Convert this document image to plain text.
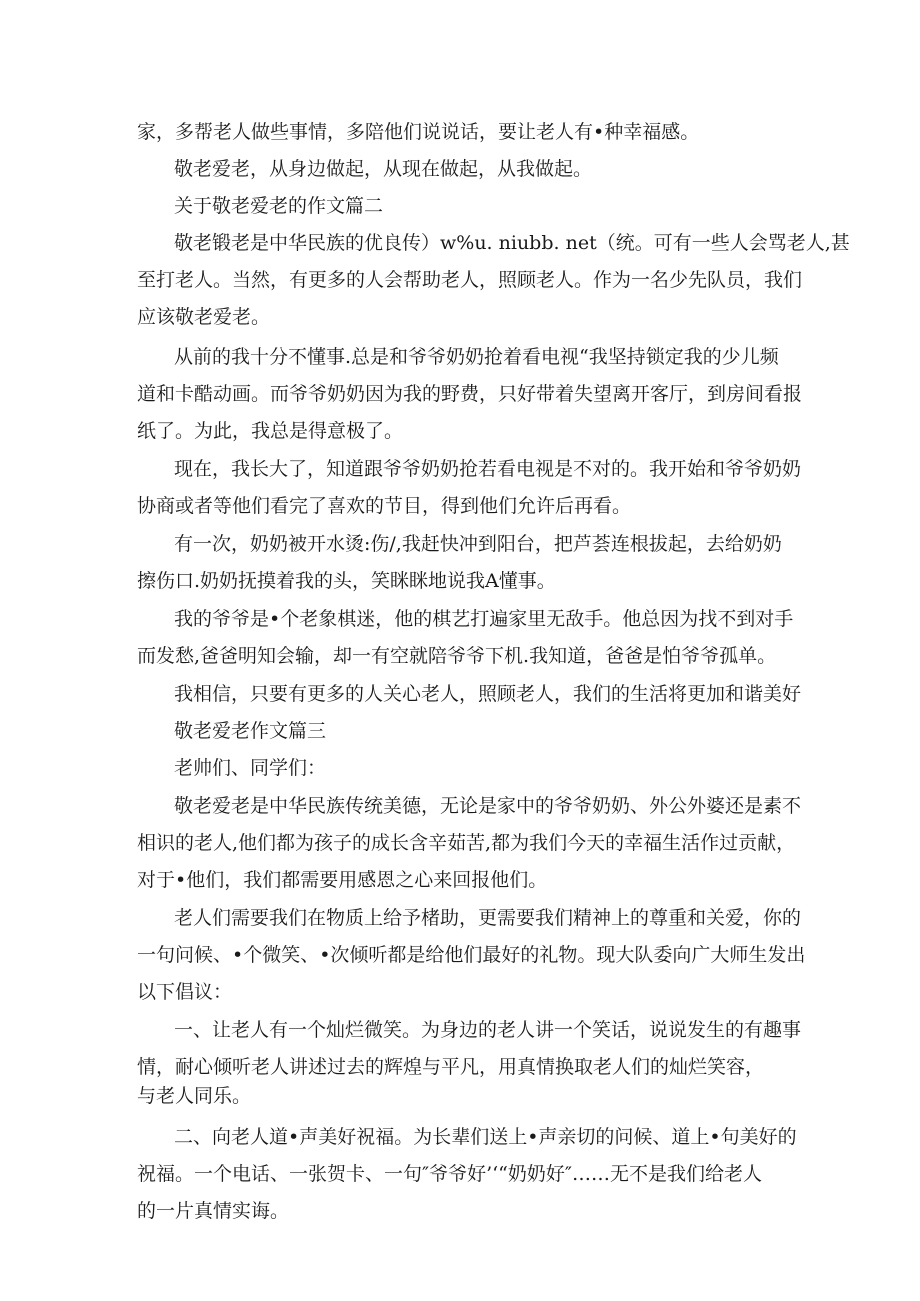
家，多帮老人做些事情，多陪他们说说话，要让老人有•种幸福感。
敬老爱老，从身边做起，从现在做起，从我做起。
关于敬老爱老的作文篇二
敬老锻老是中华民族的优良传）w%u. niubb. net（统。可有一些人会骂老人,甚
至打老人。当然，有更多的人会帮助老人，照顾老人。作为一名少先队员，我们
应该敬老爱老。
从前的我十分不懂事.总是和爷爷奶奶抢着看电视“我坚持锁定我的少儿频
道和卡酷动画。而爷爷奶奶因为我的野费，只好带着失望离开客厅，到房间看报
纸了。为此，我总是得意极了。
现在，我长大了，知道跟爷爷奶奶抢若看电视是不对的。我开始和爷爷奶奶
协商或者等他们看完了喜欢的节目，得到他们允许后再看。
有一次，奶奶被开水烫:伤/,我赶快冲到阳台，把芦荟连根拔起，去给奶奶
擦伤口.奶奶抚摸着我的头，笑眯眯地说我A懂事。
我的爷爷是•个老象棋迷，他的棋艺打遍家里无敌手。他总因为找不到对手
而发愁,爸爸明知会输，却一有空就陪爷爷下机.我知道，爸爸是怕爷爷孤单。
我相信，只要有更多的人关心老人，照顾老人，我们的生活将更加和谐美好
敬老爱老作文篇三
老帅们、同学们：
敬老爱老是中华民族传统美德，无论是家中的爷爷奶奶、外公外婆还是素不
相识的老人,他们都为孩子的成长含辛茹苦,都为我们今天的幸福生活作过贡献，
对于•他们，我们都需要用感恩之心来回报他们。
老人们需要我们在物质上给予楮助，更需要我们精神上的尊重和关爱，你的
一句问候、•个微笑、•次倾听都是给他们最好的礼物。现大队委向广大师生发出
以下倡议：
一、让老人有一个灿烂微笑。为身边的老人讲一个笑话，说说发生的有趣事
情，耐心倾听老人讲述过去的辉煌与平凡，用真情换取老人们的灿烂笑容，
与老人同乐。
二、向老人道•声美好祝福。为长辈们送上•声亲切的问候、道上•句美好的
祝福。一个电话、一张贺卡、一句″爷爷好’‘“奶奶好″……无不是我们给老人
的一片真情实诲。
